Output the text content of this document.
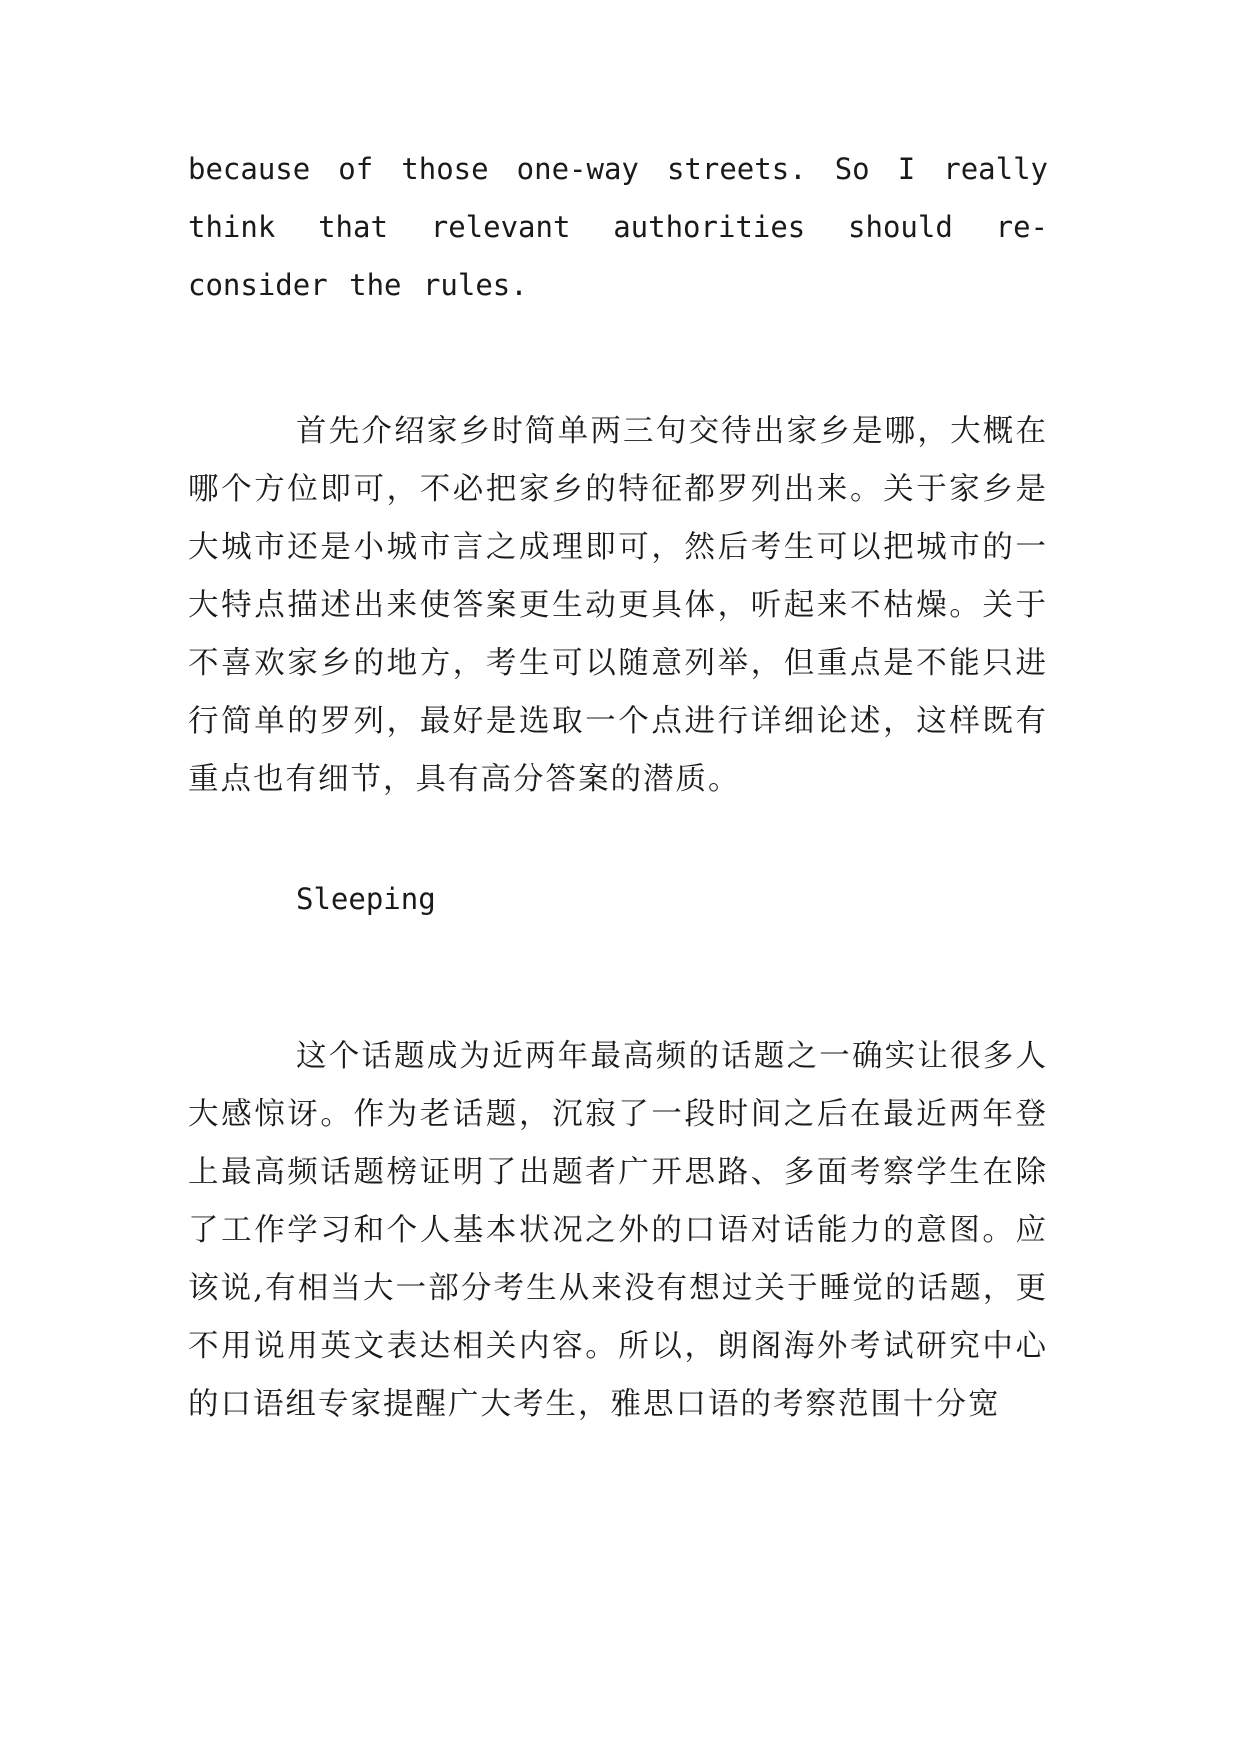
because of those one-way streets. So I really think that relevant authorities should re-consider the rules.

首先介绍家乡时简单两三句交待出家乡是哪，大概在哪个方位即可，不必把家乡的特征都罗列出来。关于家乡是大城市还是小城市言之成理即可，然后考生可以把城市的一大特点描述出来使答案更生动更具体，听起来不枯燥。关于不喜欢家乡的地方，考生可以随意列举，但重点是不能只进行简单的罗列，最好是选取一个点进行详细论述，这样既有重点也有细节，具有高分答案的潜质。

Sleeping

这个话题成为近两年最高频的话题之一确实让很多人大感惊讶。作为老话题，沉寂了一段时间之后在最近两年登上最高频话题榜证明了出题者广开思路、多面考察学生在除了工作学习和个人基本状况之外的口语对话能力的意图。应该说,有相当大一部分考生从来没有想过关于睡觉的话题，更不用说用英文表达相关内容。所以，朗阁海外考试研究中心的口语组专家提醒广大考生，雅思口语的考察范围十分宽
